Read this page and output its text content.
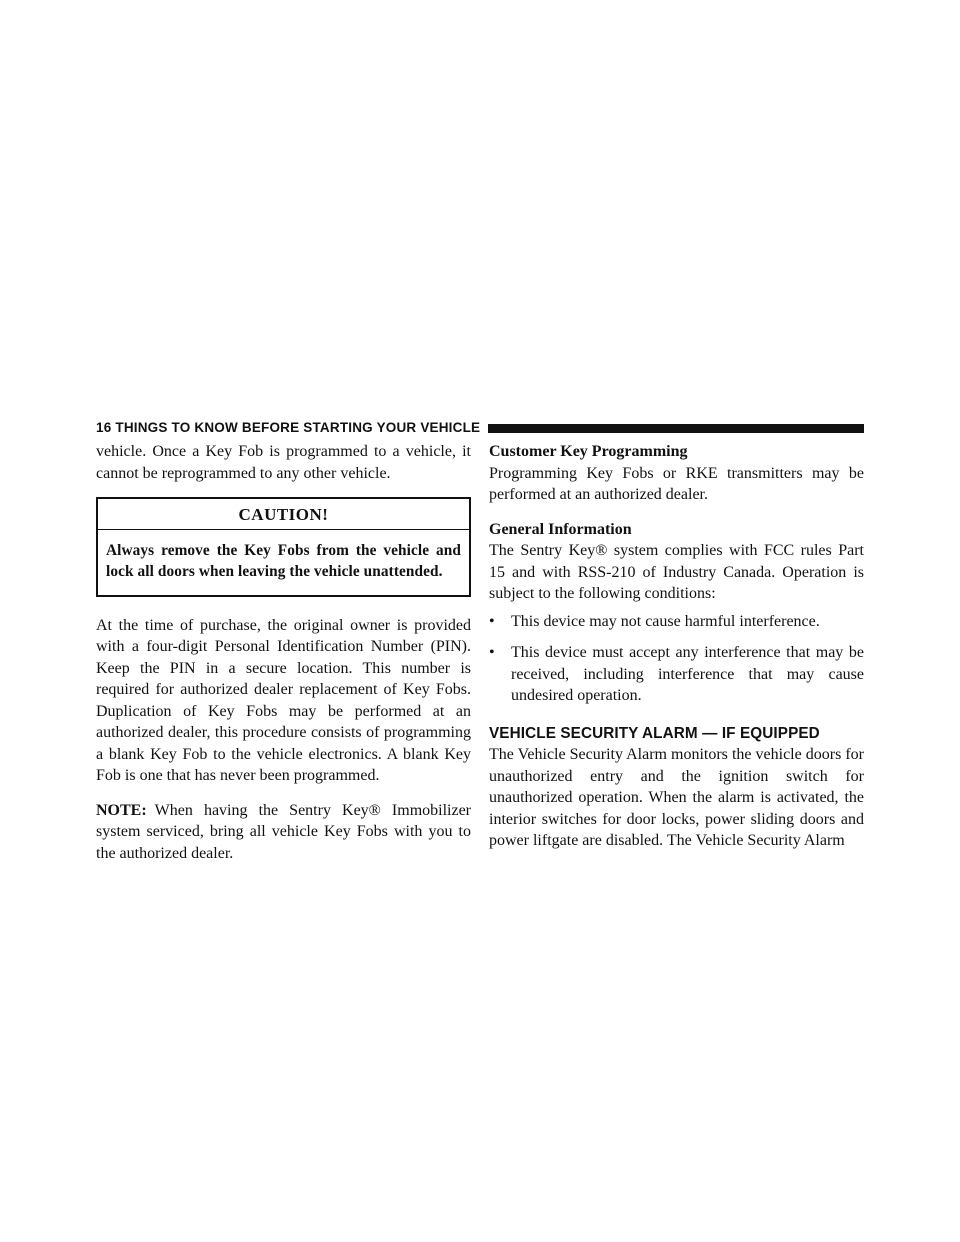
16 THINGS TO KNOW BEFORE STARTING YOUR VEHICLE

vehicle. Once a Key Fob is programmed to a vehicle, it cannot be reprogrammed to any other vehicle.

CAUTION!
Always remove the Key Fobs from the vehicle and lock all doors when leaving the vehicle unattended.

At the time of purchase, the original owner is provided with a four-digit Personal Identification Number (PIN). Keep the PIN in a secure location. This number is required for authorized dealer replacement of Key Fobs. Duplication of Key Fobs may be performed at an authorized dealer, this procedure consists of programming a blank Key Fob to the vehicle electronics. A blank Key Fob is one that has never been programmed.

NOTE: When having the Sentry Key® Immobilizer system serviced, bring all vehicle Key Fobs with you to the authorized dealer.

Customer Key Programming

Programming Key Fobs or RKE transmitters may be performed at an authorized dealer.

General Information

The Sentry Key® system complies with FCC rules Part 15 and with RSS-210 of Industry Canada. Operation is subject to the following conditions:

• This device may not cause harmful interference.
• This device must accept any interference that may be received, including interference that may cause undesired operation.
VEHICLE SECURITY ALARM — IF EQUIPPED

The Vehicle Security Alarm monitors the vehicle doors for unauthorized entry and the ignition switch for unauthorized operation. When the alarm is activated, the interior switches for door locks, power sliding doors and power liftgate are disabled. The Vehicle Security Alarm
